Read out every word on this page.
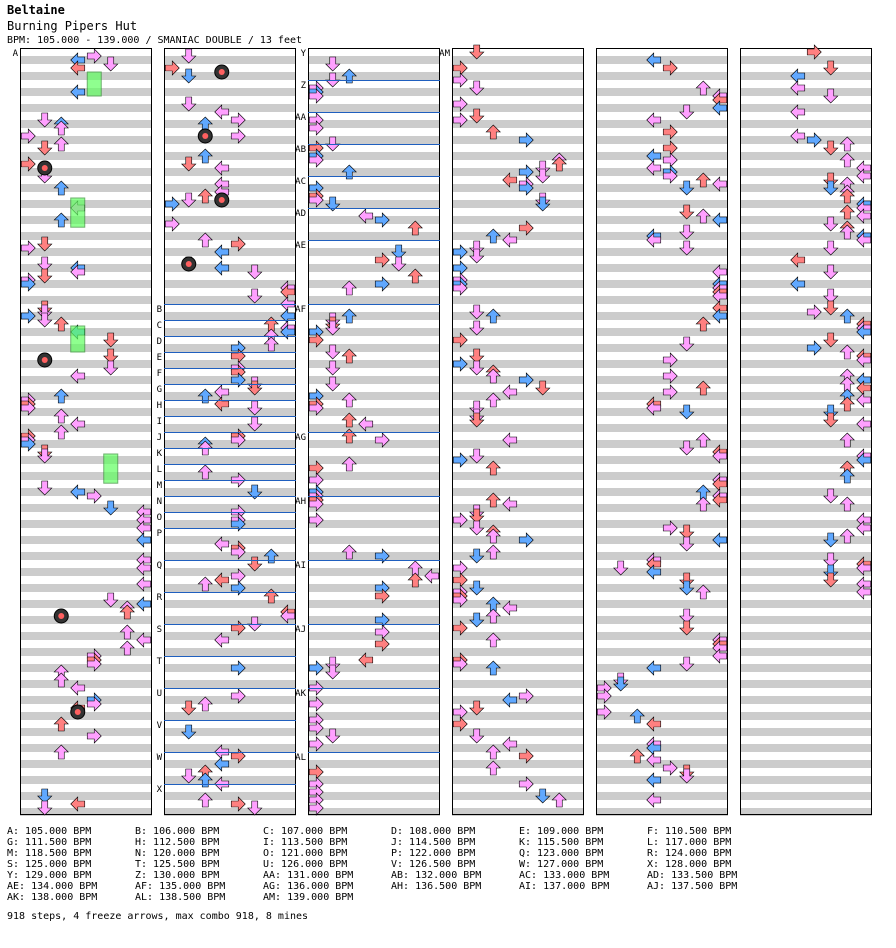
Beltaine
Burning Pipers Hut
BPM: 105.000 - 139.000 / SMANIAC DOUBLE / 13 feet
A
B
C
D
E
F
G
H
I
J
K
L
M
N
O
P
Q
R
S
T
U
V
W
X
Y
Z
AA
AB
AC
AD
AE
AF
AG
AH
AI
AJ
AK
AL
AM
A: 105.000 BPM	B: 106.000 BPM	C: 107.000 BPM	D: 108.000 BPM	E: 109.000 BPM	F: 110.500 BPM
G: 111.500 BPM	H: 112.500 BPM	I: 113.500 BPM	J: 114.500 BPM	K: 115.500 BPM	L: 117.000 BPM
M: 118.500 BPM	N: 120.000 BPM	O: 121.000 BPM	P: 122.000 BPM	Q: 123.000 BPM	R: 124.000 BPM
S: 125.000 BPM	T: 125.500 BPM	U: 126.000 BPM	V: 126.500 BPM	W: 127.000 BPM	X: 128.000 BPM
Y: 129.000 BPM	Z: 130.000 BPM	AA: 131.000 BPM	AB: 132.000 BPM	AC: 133.000 BPM	AD: 133.500 BPM
AE: 134.000 BPM	AF: 135.000 BPM	AG: 136.000 BPM	AH: 136.500 BPM	AI: 137.000 BPM	AJ: 137.500 BPM
AK: 138.000 BPM	AL: 138.500 BPM	AM: 139.000 BPM
918 steps, 4 freeze arrows, max combo 918, 8 mines
